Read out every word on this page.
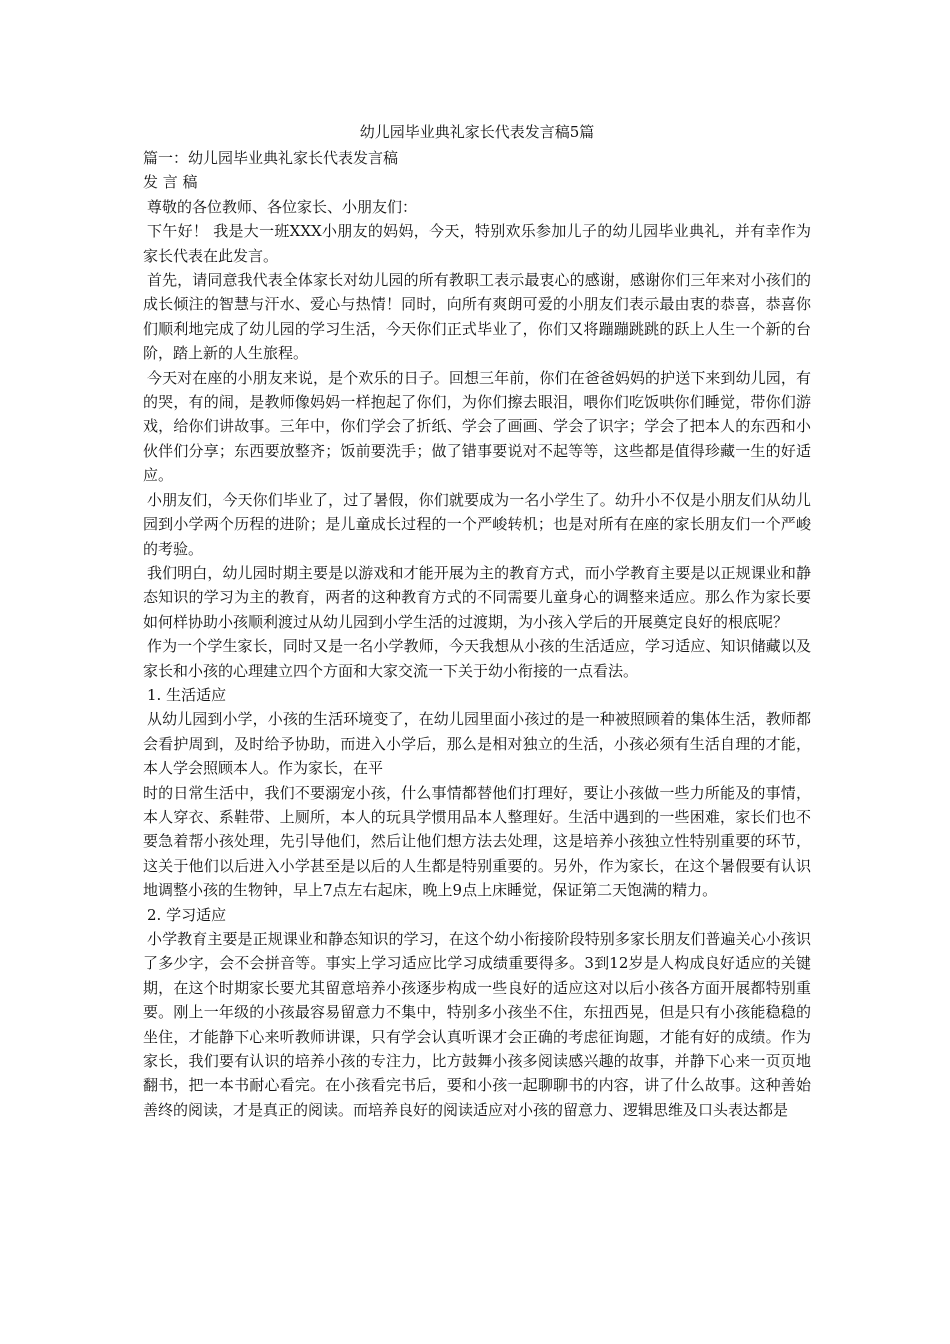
幼儿园毕业典礼家长代表发言稿5篇

篇一：幼儿园毕业典礼家长代表发言稿

发 言 稿

尊敬的各位教师、各位家长、小朋友们：

下午好！ 我是大一班XXX小朋友的妈妈，今天，特别欢乐参加儿子的幼儿园毕业典礼，并有幸作为家长代表在此发言。

首先，请同意我代表全体家长对幼儿园的所有教职工表示最衷心的感谢，感谢你们三年来对小孩们的成长倾注的智慧与汗水、爱心与热情！同时，向所有爽朗可爱的小朋友们表示最由衷的恭喜，恭喜你们顺利地完成了幼儿园的学习生活，今天你们正式毕业了，你们又将蹦蹦跳跳的跃上人生一个新的台阶，踏上新的人生旅程。

今天对在座的小朋友来说，是个欢乐的日子。回想三年前，你们在爸爸妈妈的护送下来到幼儿园，有的哭，有的闹，是教师像妈妈一样抱起了你们，为你们擦去眼泪，喂你们吃饭哄你们睡觉，带你们游戏，给你们讲故事。三年中，你们学会了折纸、学会了画画、学会了识字；学会了把本人的东西和小伙伴们分享；东西要放整齐；饭前要洗手；做了错事要说对不起等等，这些都是值得珍藏一生的好适应。

小朋友们，今天你们毕业了，过了暑假，你们就要成为一名小学生了。幼升小不仅是小朋友们从幼儿园到小学两个历程的进阶；是儿童成长过程的一个严峻转机；也是对所有在座的家长朋友们一个严峻的考验。

我们明白，幼儿园时期主要是以游戏和才能开展为主的教育方式，而小学教育主要是以正规课业和静态知识的学习为主的教育，两者的这种教育方式的不同需要儿童身心的调整来适应。那么作为家长要如何样协助小孩顺利渡过从幼儿园到小学生活的过渡期，为小孩入学后的开展奠定良好的根底呢？

作为一个学生家长，同时又是一名小学教师，今天我想从小孩的生活适应，学习适应、知识储藏以及家长和小孩的心理建立四个方面和大家交流一下关于幼小衔接的一点看法。

1. 生活适应

从幼儿园到小学，小孩的生活环境变了，在幼儿园里面小孩过的是一种被照顾着的集体生活，教师都会看护周到，及时给予协助，而进入小学后，那么是相对独立的生活，小孩必须有生活自理的才能，本人学会照顾本人。作为家长，在平

时的日常生活中，我们不要溺宠小孩，什么事情都替他们打理好，要让小孩做一些力所能及的事情，本人穿衣、系鞋带、上厕所，本人的玩具学惯用品本人整理好。生活中遇到的一些困难，家长们也不要急着帮小孩处理，先引导他们，然后让他们想方法去处理，这是培养小孩独立性特别重要的环节，这关于他们以后进入小学甚至是以后的人生都是特别重要的。另外，作为家长，在这个暑假要有认识地调整小孩的生物钟，早上7点左右起床，晚上9点上床睡觉，保证第二天饱满的精力。

2. 学习适应

小学教育主要是正规课业和静态知识的学习，在这个幼小衔接阶段特别多家长朋友们普遍关心小孩识了多少字，会不会拼音等。事实上学习适应比学习成绩重要得多。3到12岁是人构成良好适应的关键期，在这个时期家长要尤其留意培养小孩逐步构成一些良好的适应这对以后小孩各方面开展都特别重要。刚上一年级的小孩最容易留意力不集中，特别多小孩坐不住，东扭西晃，但是只有小孩能稳稳的坐住，才能静下心来听教师讲课，只有学会认真听课才会正确的考虑征询题，才能有好的成绩。作为家长，我们要有认识的培养小孩的专注力，比方鼓舞小孩多阅读感兴趣的故事，并静下心来一页页地翻书，把一本书耐心看完。在小孩看完书后，要和小孩一起聊聊书的内容，讲了什么故事。这种善始善终的阅读，才是真正的阅读。而培养良好的阅读适应对小孩的留意力、逻辑思维及口头表达都是
